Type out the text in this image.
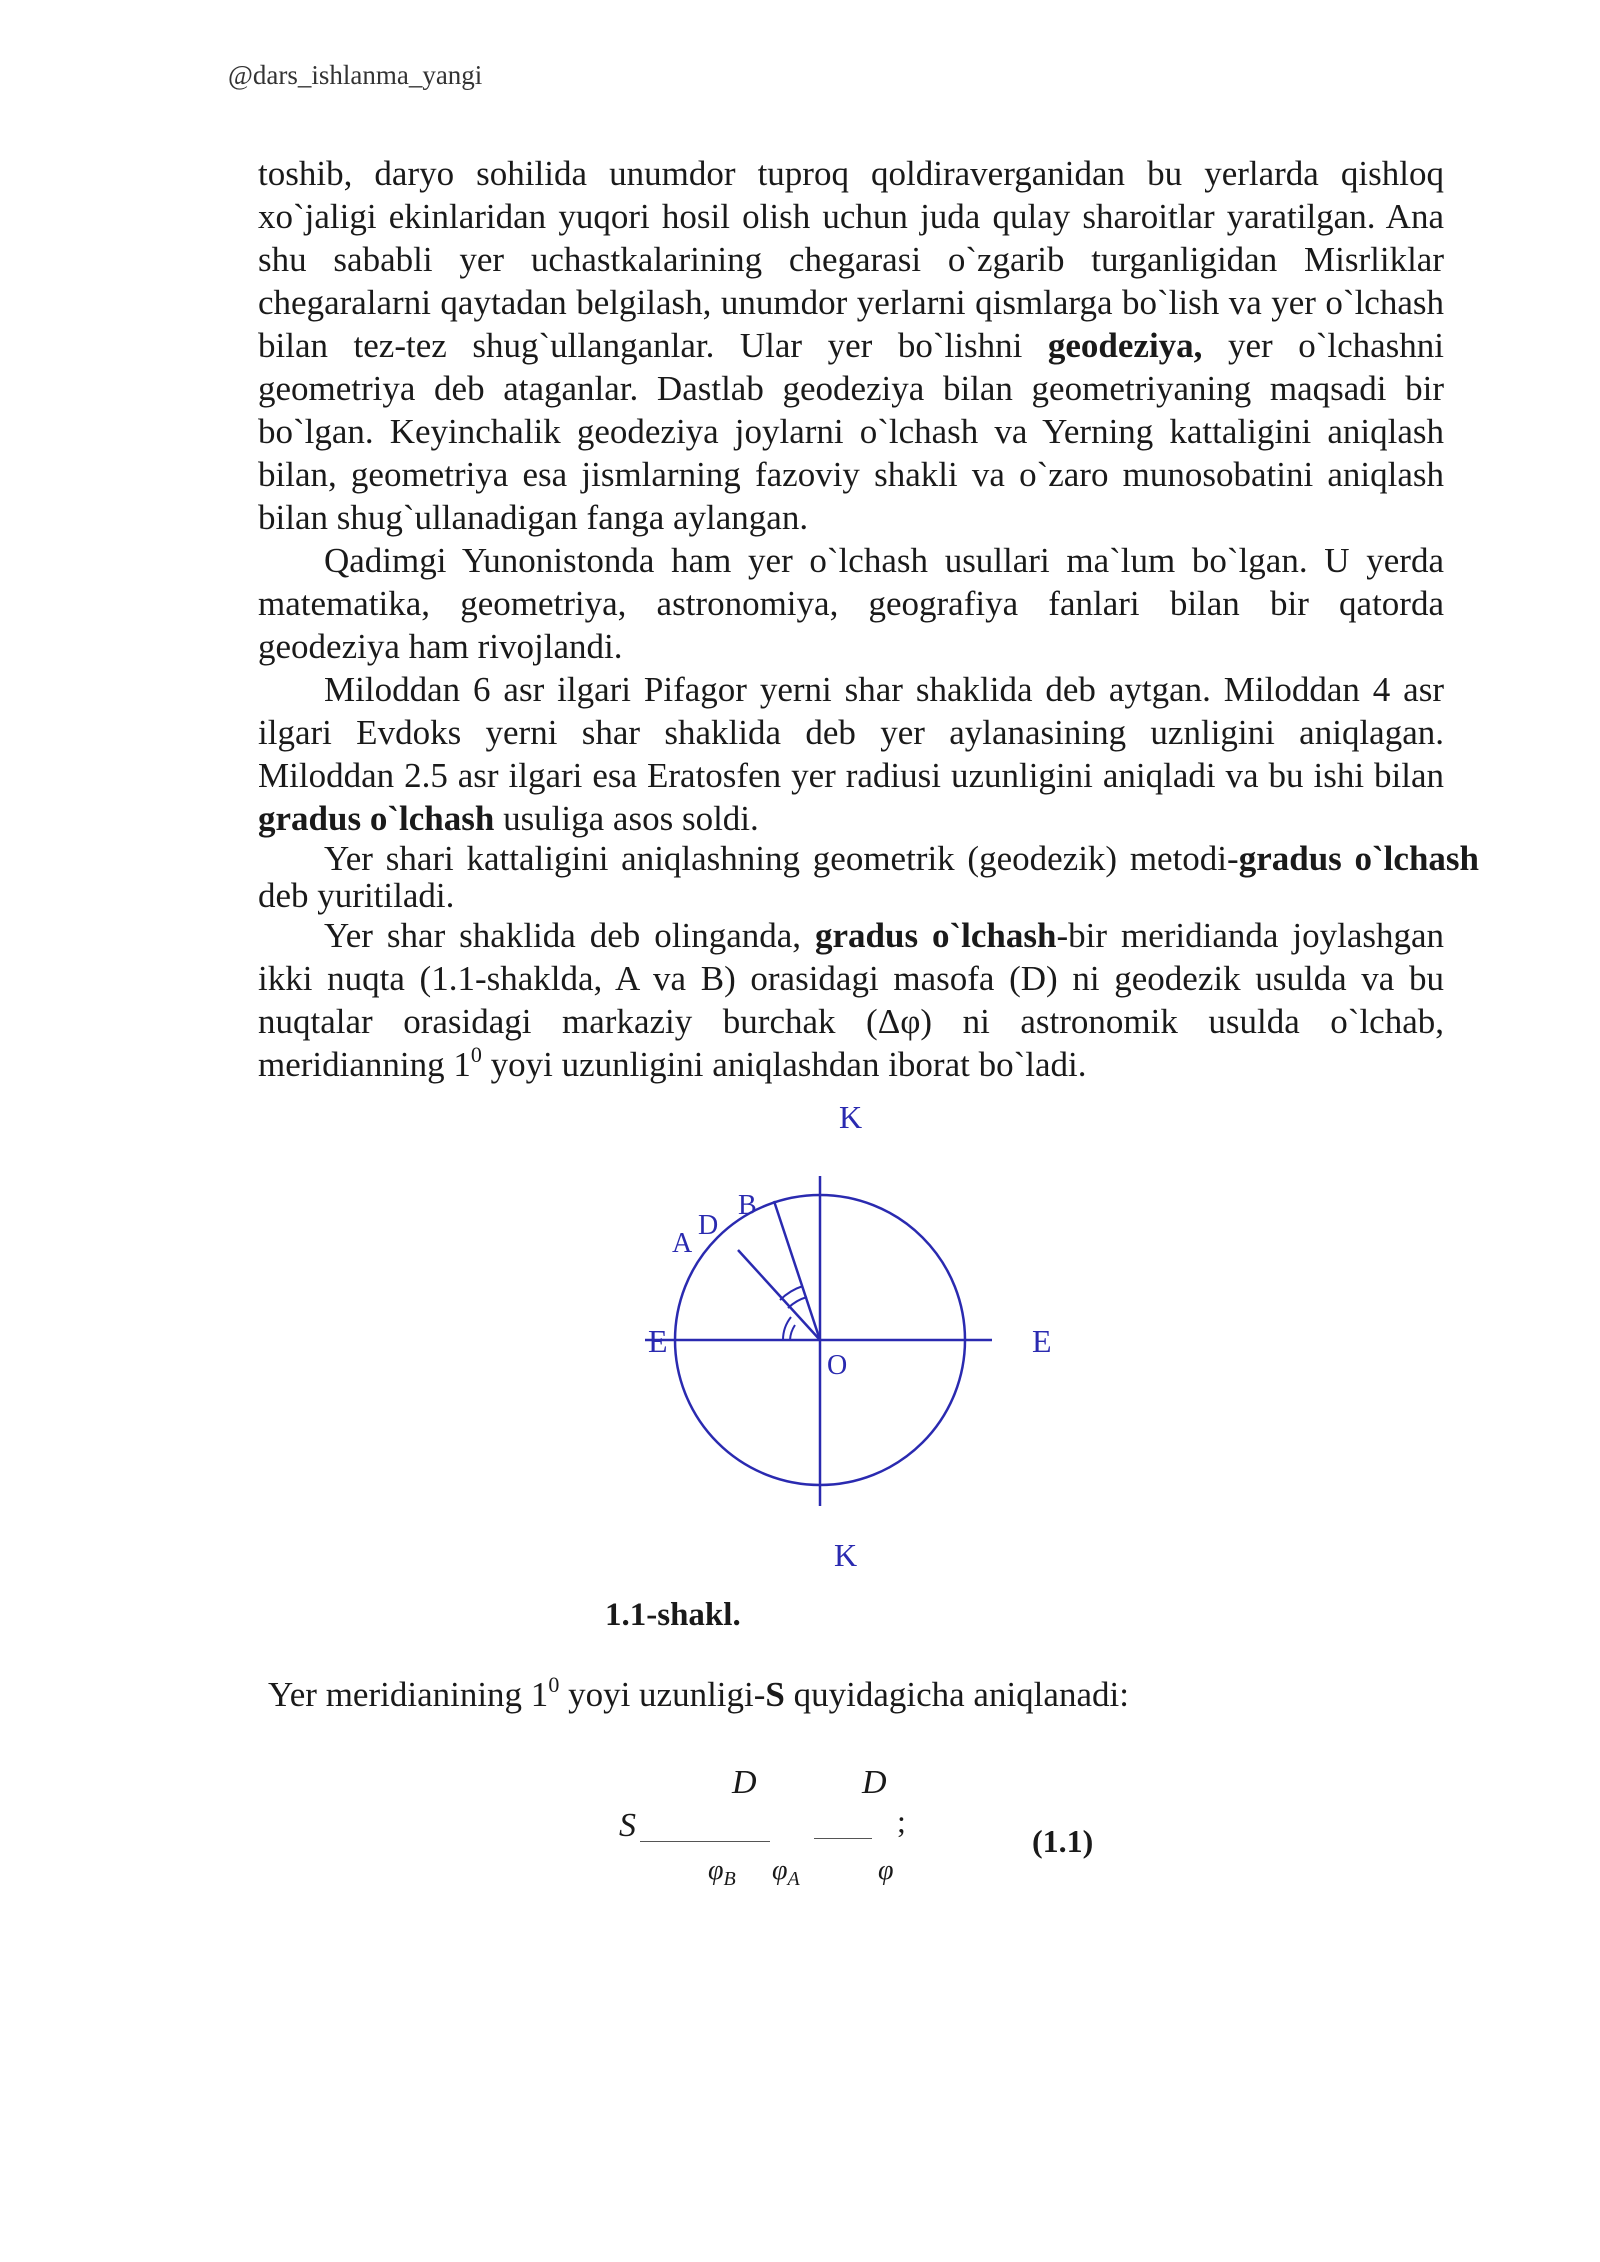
@dars_ishlanma_yangi

toshib, daryo sohilida unumdor tuproq qoldiraverganidan bu yerlarda qishloq xo`jaligi ekinlaridan yuqori hosil olish uchun juda qulay sharoitlar yaratilgan. Ana shu sababli yer uchastkalarining chegarasi o`zgarib turganligidan Misrliklar chegaralarni qaytadan belgilash, unumdor yerlarni qismlarga bo`lish va yer o`lchash bilan tez-tez shug`ullanganlar. Ular yer bo`lishni geodeziya, yer o`lchashni geometriya deb ataganlar. Dastlab geodeziya bilan geometriyaning maqsadi bir bo`lgan. Keyinchalik geodeziya joylarni o`lchash va Yerning kattaligini aniqlash bilan, geometriya esa jismlarning fazoviy shakli va o`zaro munosobatini aniqlash bilan shug`ullanadigan fanga aylangan.

Qadimgi Yunonistonda ham yer o`lchash usullari ma`lum bo`lgan. U yerda matematika, geometriya, astronomiya, geografiya fanlari bilan bir qatorda geodeziya ham rivojlandi.

Miloddan 6 asr ilgari Pifagor yerni shar shaklida deb aytgan. Miloddan 4 asr ilgari Evdoks yerni shar shaklida deb yer aylanasining uznligini aniqlagan. Miloddan 2.5 asr ilgari esa Eratosfen yer radiusi uzunligini aniqladi va bu ishi bilan gradus o`lchash usuliga asos soldi.

Yer shari kattaligini aniqlashning geometrik (geodezik) metodi-gradus o`lchash deb yuritiladi.

Yer shar shaklida deb olinganda, gradus o`lchash-bir meridianda joylashgan ikki nuqta (1.1-shaklda, A va B) orasidagi masofa (D) ni geodezik usulda va bu nuqtalar orasidagi markaziy burchak (Δφ) ni astronomik usulda o`lchab, meridianning $1^0$ yoyi uzunligini aniqlashdan iborat bo`ladi.

K
K
E	E
O
A
B
D
1.1-shakl.
Yer meridianining $1^0$ yoyi uzunligi-S quyidagicha aniqlanadi:
S
D	D
$\varphi_B$ $\varphi_A$	φ
;
(1.1)
